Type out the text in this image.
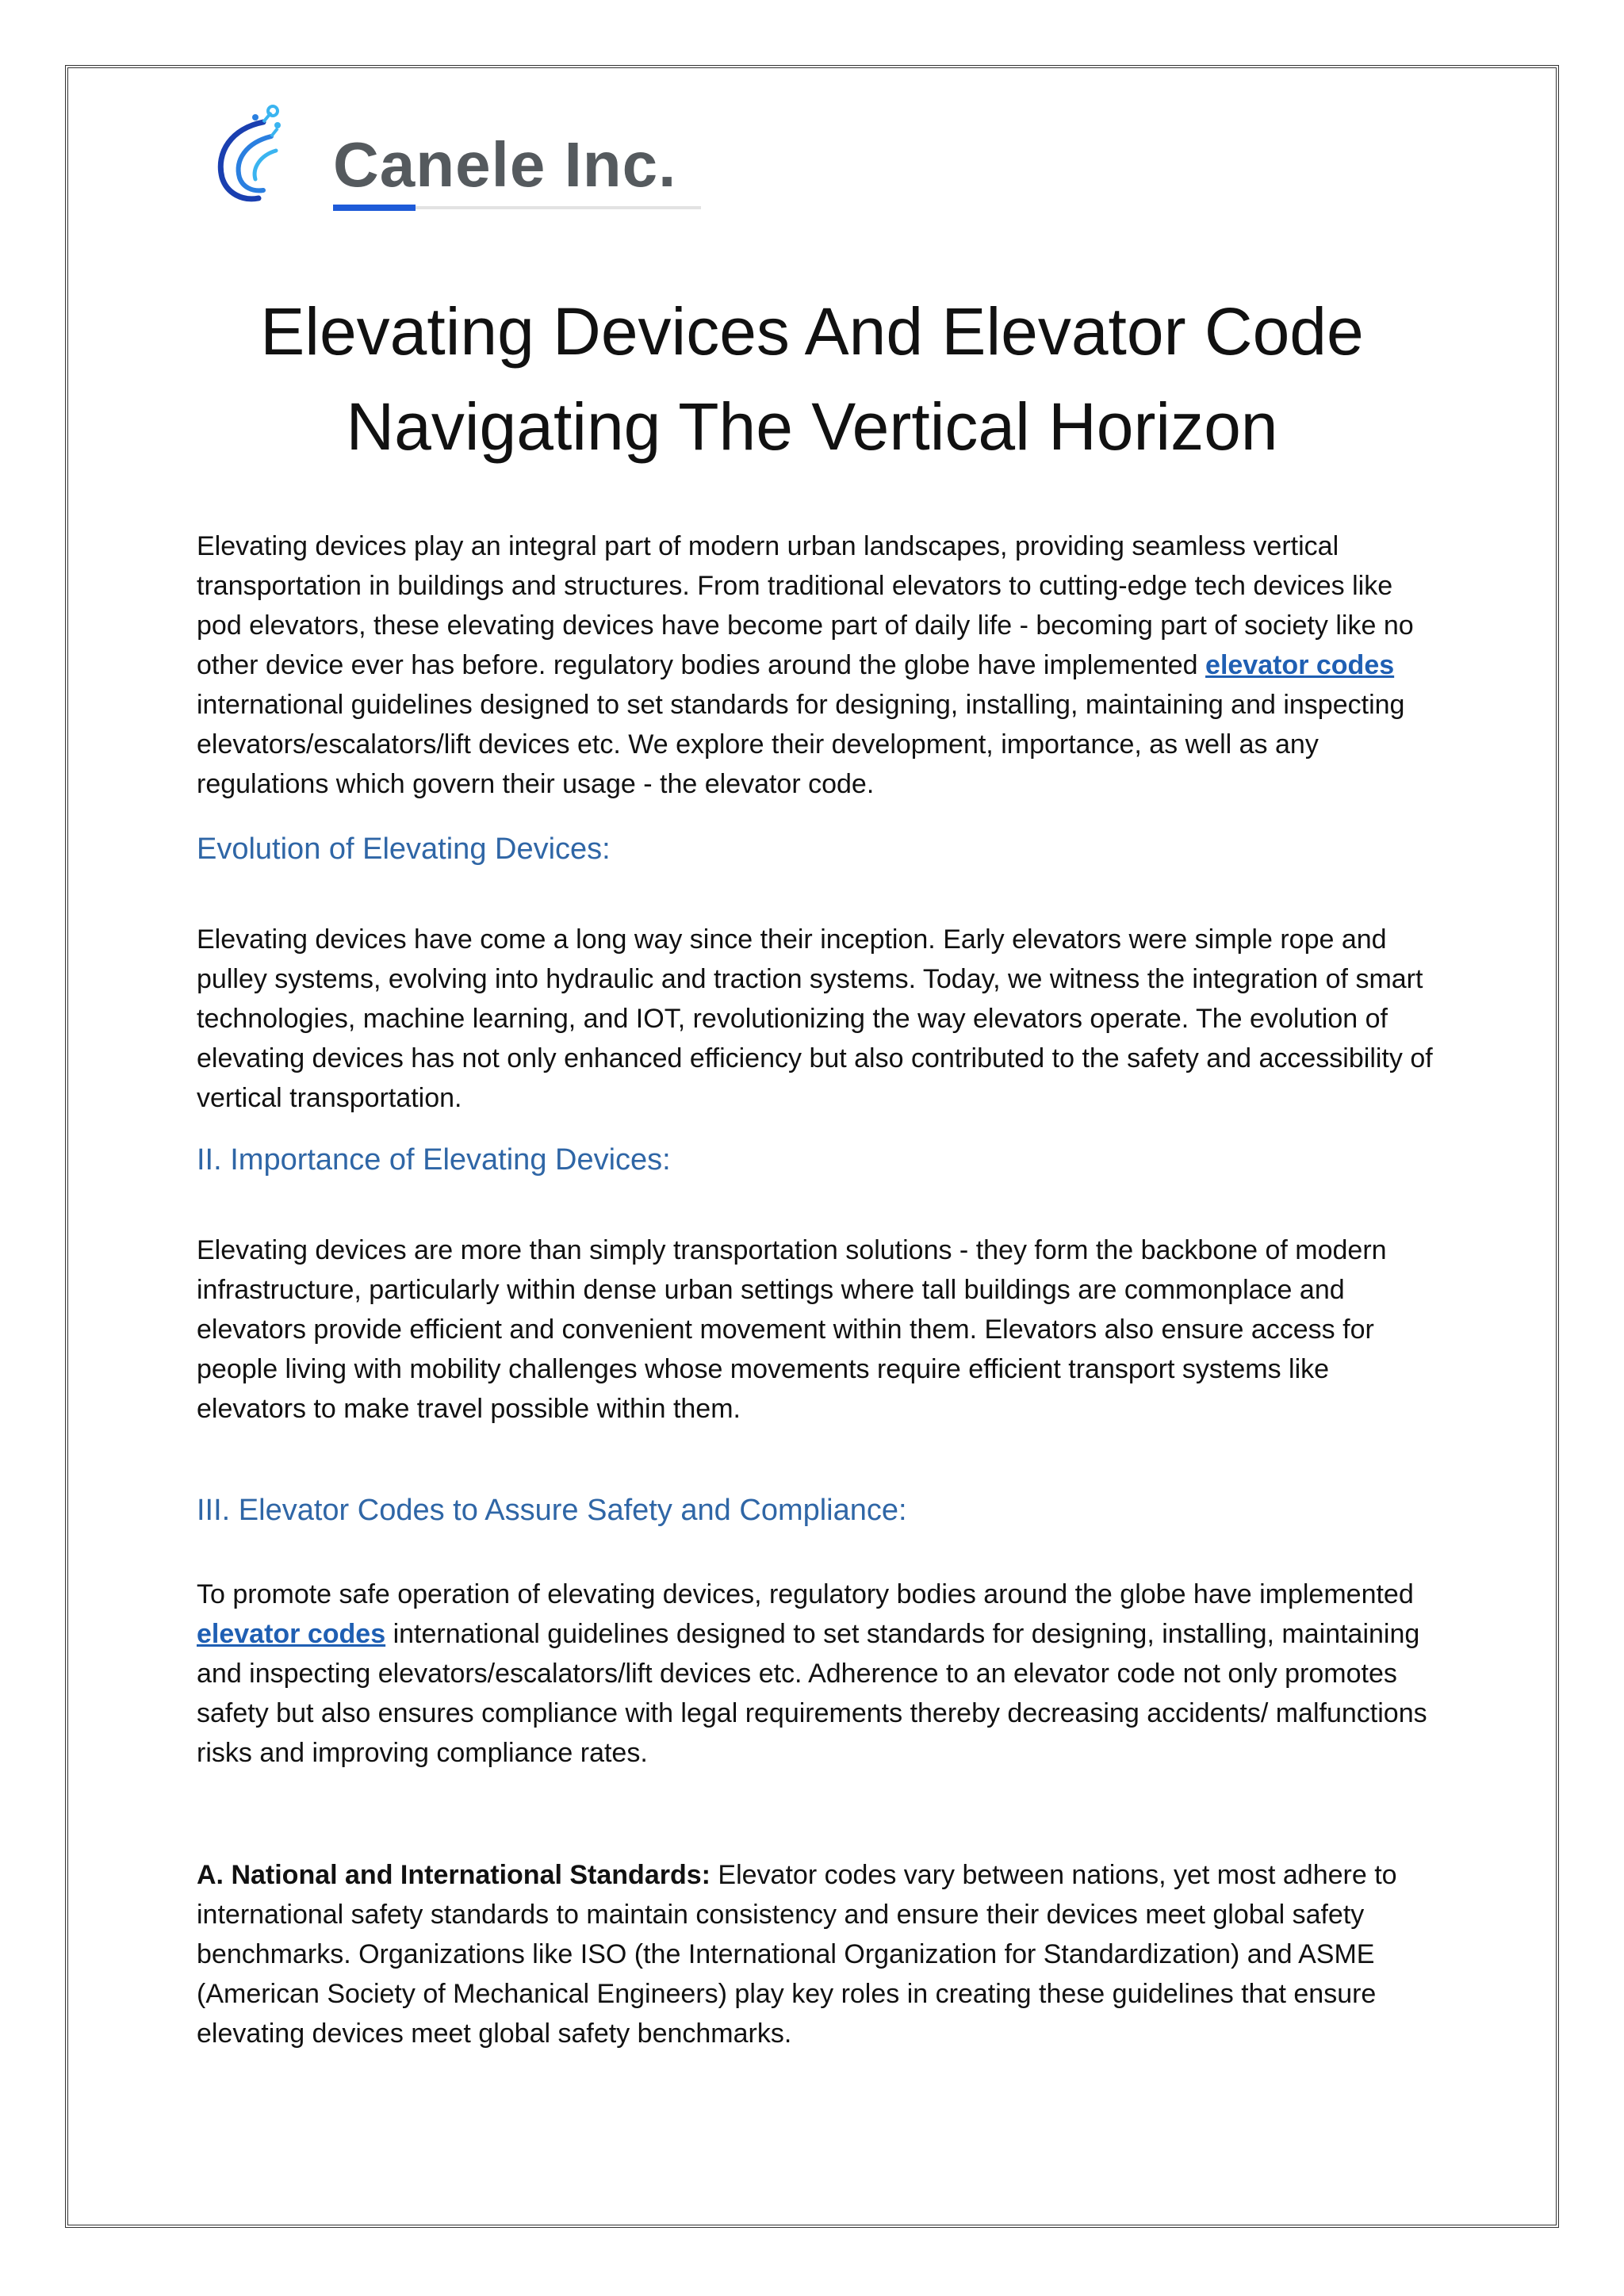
Canele Inc.
Elevating Devices And Elevator Code
Navigating The Vertical Horizon

Elevating devices play an integral part of modern urban landscapes, providing seamless vertical transportation in buildings and structures. From traditional elevators to cutting-edge tech devices like pod elevators, these elevating devices have become part of daily life - becoming part of society like no other device ever has before. regulatory bodies around the globe have implemented elevator codes international guidelines designed to set standards for designing, installing, maintaining and inspecting elevators/escalators/lift devices etc. We explore their development, importance, as well as any regulations which govern their usage - the elevator code.

Evolution of Elevating Devices:

Elevating devices have come a long way since their inception. Early elevators were simple rope and pulley systems, evolving into hydraulic and traction systems. Today, we witness the integration of smart technologies, machine learning, and IOT, revolutionizing the way elevators operate. The evolution of elevating devices has not only enhanced efficiency but also contributed to the safety and accessibility of vertical transportation.

II. Importance of Elevating Devices:

Elevating devices are more than simply transportation solutions - they form the backbone of modern infrastructure, particularly within dense urban settings where tall buildings are commonplace and elevators provide efficient and convenient movement within them. Elevators also ensure access for people living with mobility challenges whose movements require efficient transport systems like elevators to make travel possible within them.

III. Elevator Codes to Assure Safety and Compliance:

To promote safe operation of elevating devices, regulatory bodies around the globe have implemented elevator codes international guidelines designed to set standards for designing, installing, maintaining and inspecting elevators/escalators/lift devices etc. Adherence to an elevator code not only promotes safety but also ensures compliance with legal requirements thereby decreasing accidents/ malfunctions risks and improving compliance rates.

A. National and International Standards: Elevator codes vary between nations, yet most adhere to international safety standards to maintain consistency and ensure their devices meet global safety benchmarks. Organizations like ISO (the International Organization for Standardization) and ASME (American Society of Mechanical Engineers) play key roles in creating these guidelines that ensure elevating devices meet global safety benchmarks.
